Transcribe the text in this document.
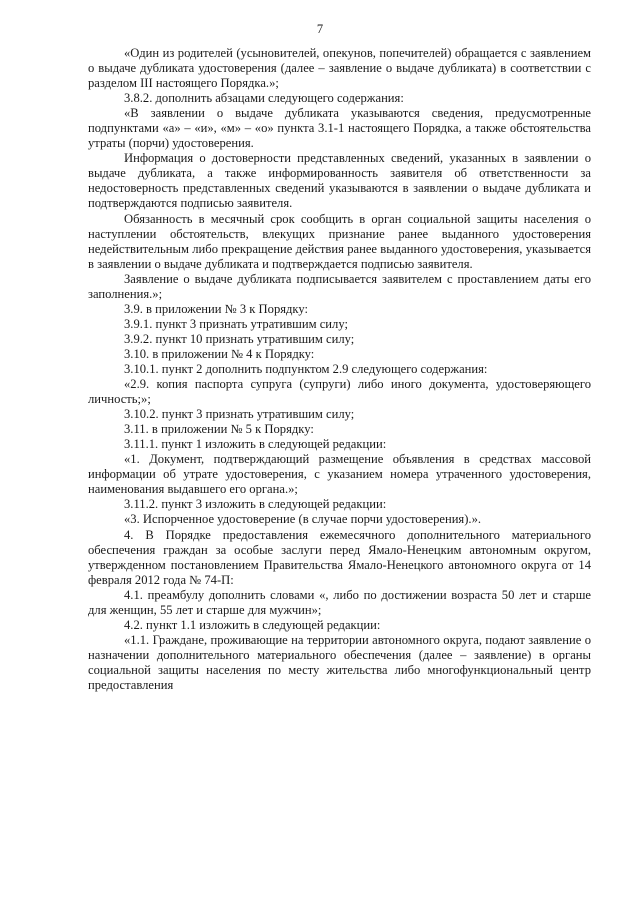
7

«Один из родителей (усыновителей, опекунов, попечителей) обращается с заявлением о выдаче дубликата удостоверения (далее – заявление о выдаче дубликата) в соответствии с разделом III настоящего Порядка.»;

3.8.2. дополнить абзацами следующего содержания:

«В заявлении о выдаче дубликата указываются сведения, предусмотренные подпунктами «а» – «и», «м» – «о» пункта 3.1-1 настоящего Порядка, а также обстоятельства утраты (порчи) удостоверения.

Информация о достоверности представленных сведений, указанных в заявлении о выдаче дубликата, а также информированность заявителя об ответственности за недостоверность представленных сведений указываются в заявлении о выдаче дубликата и подтверждаются подписью заявителя.

Обязанность в месячный срок сообщить в орган социальной защиты населения о наступлении обстоятельств, влекущих признание ранее выданного удостоверения недействительным либо прекращение действия ранее выданного удостоверения, указывается в заявлении о выдаче дубликата и подтверждается подписью заявителя.

Заявление о выдаче дубликата подписывается заявителем с проставлением даты его заполнения.»;

3.9. в приложении № 3 к Порядку:

3.9.1. пункт 3 признать утратившим силу;

3.9.2. пункт 10 признать утратившим силу;

3.10. в приложении № 4 к Порядку:

3.10.1. пункт 2 дополнить подпунктом 2.9 следующего содержания:

«2.9. копия паспорта супруга (супруги) либо иного документа, удостоверяющего личность;»;

3.10.2. пункт 3 признать утратившим силу;

3.11. в приложении № 5 к Порядку:

3.11.1. пункт 1 изложить в следующей редакции:

«1. Документ, подтверждающий размещение объявления в средствах массовой информации об утрате удостоверения, с указанием номера утраченного удостоверения, наименования выдавшего его органа.»;

3.11.2. пункт 3 изложить в следующей редакции:

«3. Испорченное удостоверение (в случае порчи удостоверения).».

4. В Порядке предоставления ежемесячного дополнительного материального обеспечения граждан за особые заслуги перед Ямало-Ненецким автономным округом, утвержденном постановлением Правительства Ямало-Ненецкого автономного округа от 14 февраля 2012 года № 74-П:

4.1. преамбулу дополнить словами «, либо по достижении возраста 50 лет и старше для женщин, 55 лет и старше для мужчин»;

4.2. пункт 1.1 изложить в следующей редакции:

«1.1. Граждане, проживающие на территории автономного округа, подают заявление о назначении дополнительного материального обеспечения (далее – заявление) в органы социальной защиты населения по месту жительства либо многофункциональный центр предоставления
